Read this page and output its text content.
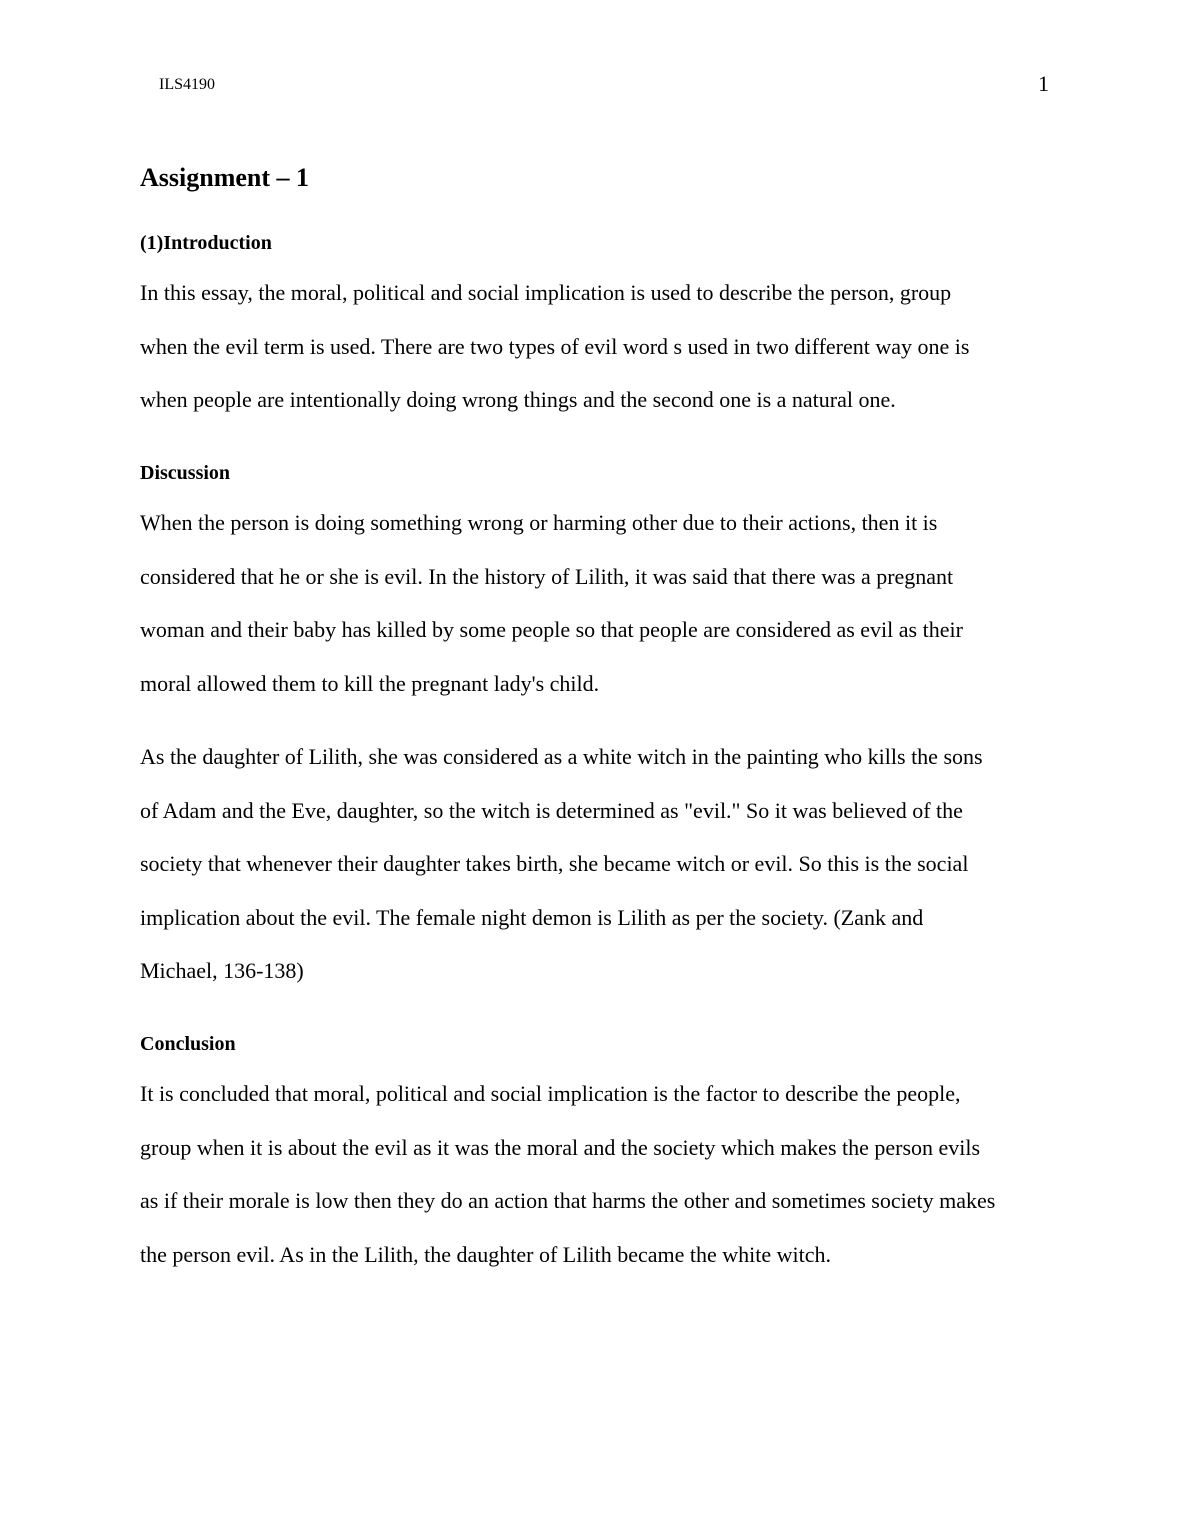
ILS4190	1
Assignment – 1
(1)Introduction
In this essay, the moral, political and social implication is used to describe the person, group
when the evil term is used. There are two types of evil word s used in two different way one is
when people are intentionally doing wrong things and the second one is a natural one.
Discussion
When the person is doing something wrong or harming other due to their actions, then it is
considered that he or she is evil. In the history of Lilith, it was said that there was a pregnant
woman and their baby has killed by some people so that people are considered as evil as their
moral allowed them to kill the pregnant lady's child.
As the daughter of Lilith, she was considered as a white witch in the painting who kills the sons
of Adam and the Eve, daughter, so the witch is determined as "evil." So it was believed of the
society that whenever their daughter takes birth, she became witch or evil. So this is the social
implication about the evil. The female night demon is Lilith as per the society. (Zank and
Michael, 136-138)
Conclusion
It is concluded that moral, political and social implication is the factor to describe the people,
group when it is about the evil as it was the moral and the society which makes the person evils
as if their morale is low then they do an action that harms the other and sometimes society makes
the person evil. As in the Lilith, the daughter of Lilith became the white witch.
